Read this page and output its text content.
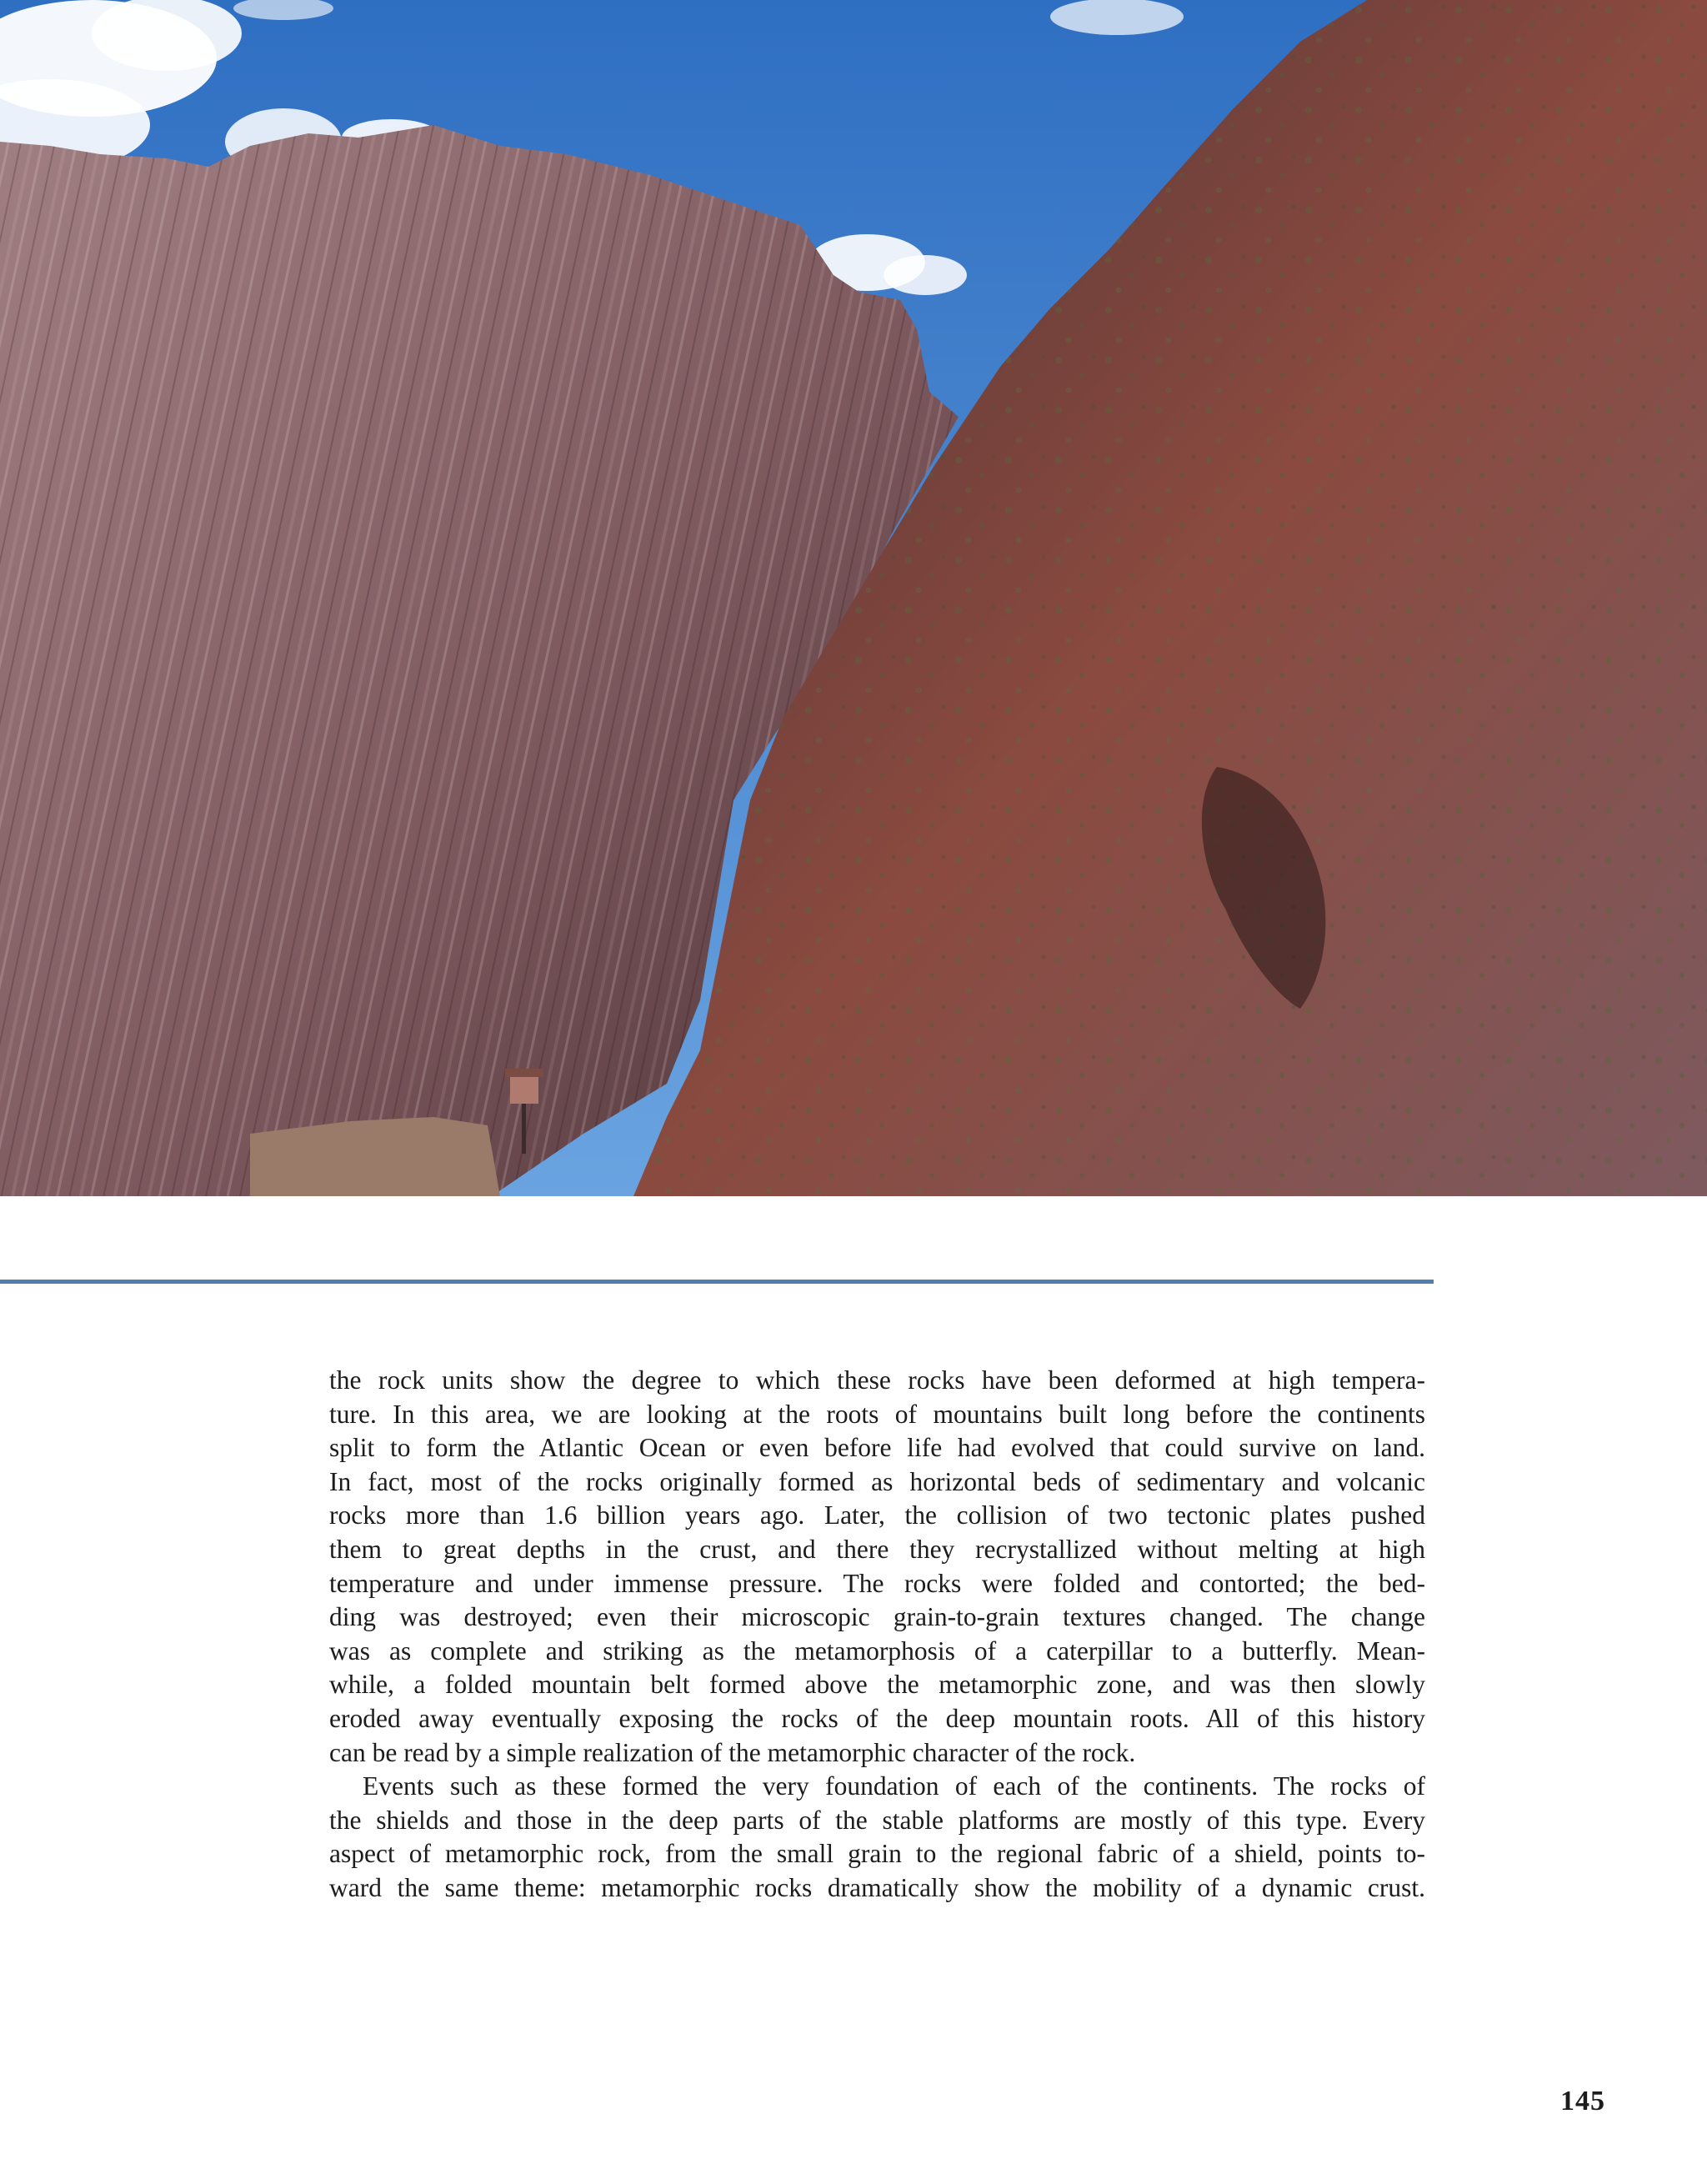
the rock units show the degree to which these rocks have been deformed at high tempera-
ture. In this area, we are looking at the roots of mountains built long before the continents
split to form the Atlantic Ocean or even before life had evolved that could survive on land.
In fact, most of the rocks originally formed as horizontal beds of sedimentary and volcanic
rocks more than 1.6 billion years ago. Later, the collision of two tectonic plates pushed
them to great depths in the crust, and there they recrystallized without melting at high
temperature and under immense pressure. The rocks were folded and contorted; the bed-
ding was destroyed; even their microscopic grain-to-grain textures changed. The change
was as complete and striking as the metamorphosis of a caterpillar to a butterfly. Mean-
while, a folded mountain belt formed above the metamorphic zone, and was then slowly
eroded away eventually exposing the rocks of the deep mountain roots. All of this history
can be read by a simple realization of the metamorphic character of the rock.
Events such as these formed the very foundation of each of the continents. The rocks of
the shields and those in the deep parts of the stable platforms are mostly of this type. Every
aspect of metamorphic rock, from the small grain to the regional fabric of a shield, points to-
ward the same theme: metamorphic rocks dramatically show the mobility of a dynamic crust.
145
